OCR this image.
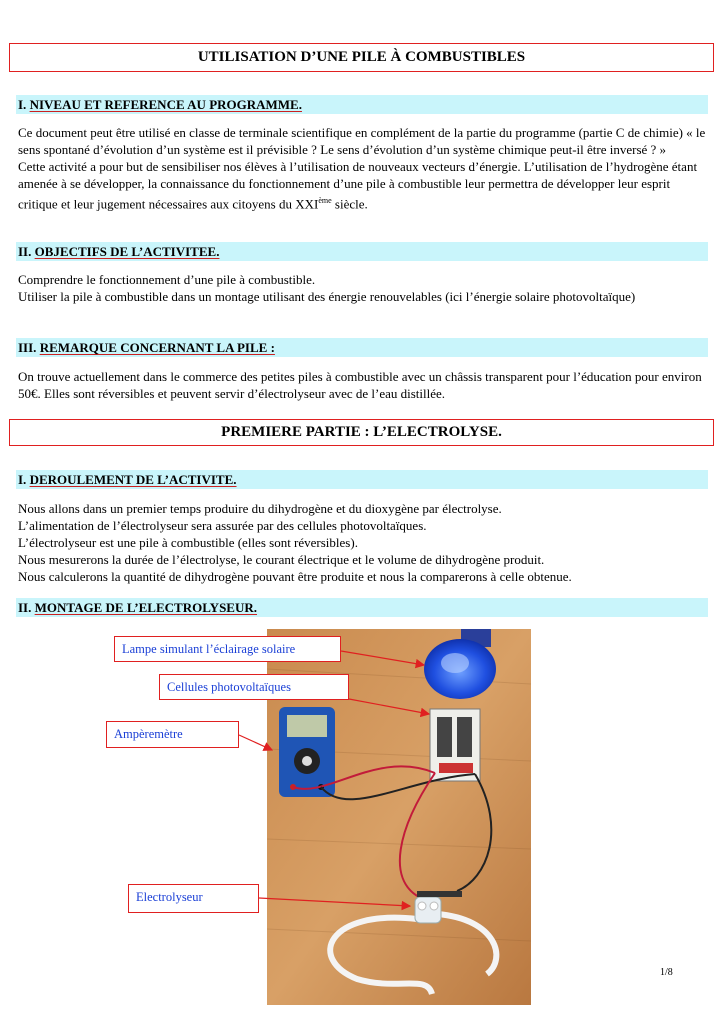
UTILISATION D’UNE PILE À COMBUSTIBLES
I. NIVEAU ET REFERENCE AU PROGRAMME.

Ce document peut être utilisé en classe de terminale scientifique en complément de la partie du programme (partie C de chimie) « le sens spontané d’évolution d’un système est il prévisible ? Le sens d’évolution d’un système chimique peut-il être inversé ? »

Cette activité a pour but de sensibiliser nos élèves à l’utilisation de nouveaux vecteurs d’énergie. L’utilisation de l’hydrogène étant amenée à se développer, la connaissance du fonctionnement d’une pile à combustible leur permettra de développer leur esprit critique et leur jugement nécessaires aux citoyens du XXIème siècle.

II. OBJECTIFS DE L’ACTIVITEE.

Comprendre le fonctionnement d’une pile à combustible.

Utiliser la pile à combustible dans un montage utilisant des énergie renouvelables (ici l’énergie solaire photovoltaïque)

III. REMARQUE CONCERNANT LA PILE :

On trouve actuellement dans le commerce des petites piles à combustible avec un châssis transparent pour l’éducation pour environ 50€. Elles sont réversibles et peuvent servir d’électrolyseur avec de l’eau distillée.

PREMIERE PARTIE : L’ELECTROLYSE.
I. DEROULEMENT DE L’ACTIVITE.

Nous allons dans un premier temps produire du dihydrogène et du dioxygène par électrolyse.

L’alimentation de l’électrolyseur sera assurée par des cellules photovoltaïques.

L’électrolyseur est une pile à combustible (elles sont réversibles).

Nous mesurerons la durée de l’électrolyse, le courant électrique et le volume de dihydrogène produit.

Nous calculerons la quantité de dihydrogène pouvant être produite et nous la comparerons à celle obtenue.

II. MONTAGE DE L’ELECTROLYSEUR.
Lampe simulant l’éclairage solaire
Cellules photovoltaïques
Ampèremètre
Electrolyseur
1/8
